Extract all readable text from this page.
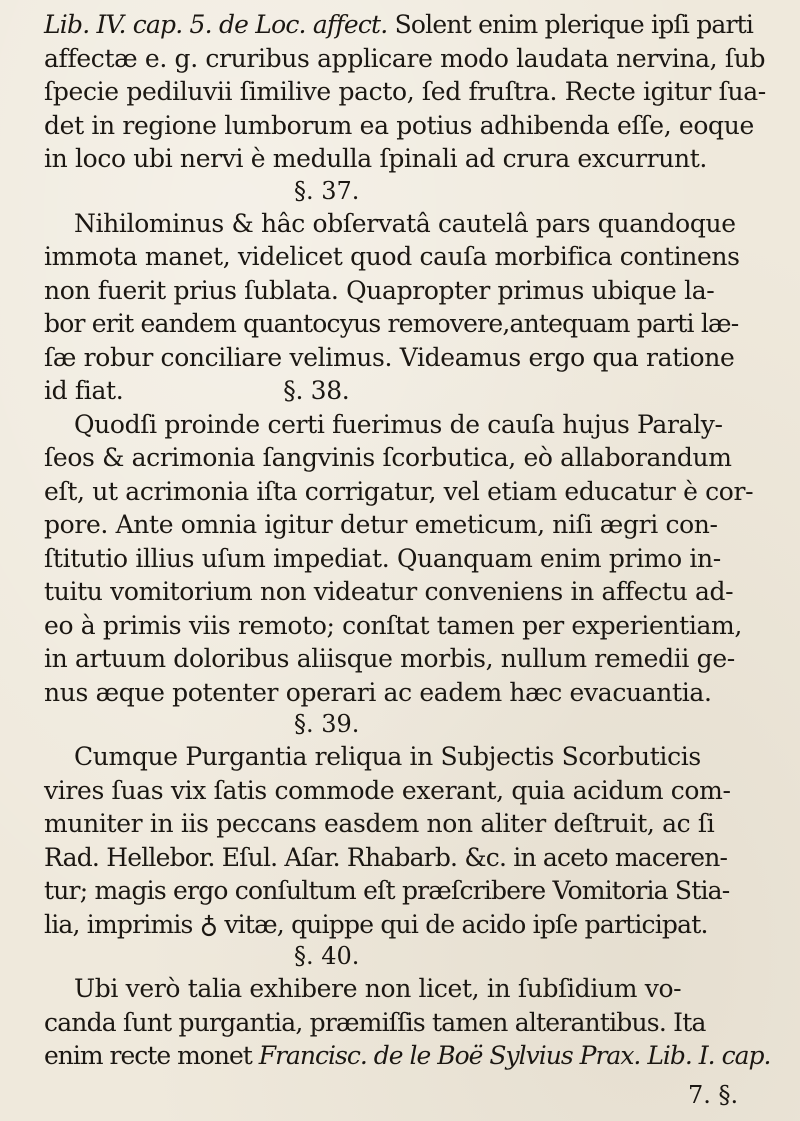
Lib. IV. cap. 5. de Loc. affect. Solent enim plerique ipſi parti
affectæ e. g. cruribus applicare modo laudata nervina, ſub
ſpecie pediluvii ſimilive pacto, ſed fruſtra. Recte igitur ſua-
det in regione lumborum ea potius adhibenda eſſe, eoque
in loco ubi nervi è medulla ſpinali ad crura excurrunt.
§. 37.
Nihilominus & hâc obſervatâ cautelâ pars quandoque
immota manet, videlicet quod cauſa morbifica continens
non fuerit prius ſublata. Quapropter primus ubique la-
bor erit eandem quantocyus removere,antequam parti læ-
ſæ robur conciliare velimus. Videamus ergo qua ratione
id fiat.	§. 38.
Quodſi proinde certi fuerimus de cauſa hujus Paraly-
ſeos & acrimonia ſangvinis ſcorbutica, eò allaborandum
eſt, ut acrimonia iſta corrigatur, vel etiam educatur è cor-
pore. Ante omnia igitur detur emeticum, niſi ægri con-
ſtitutio illius uſum impediat. Quanquam enim primo in-
tuitu vomitorium non videatur conveniens in affectu ad-
eo à primis viis remoto; conſtat tamen per experientiam,
in artuum doloribus aliisque morbis, nullum remedii ge-
nus æque potenter operari ac eadem hæc evacuantia.
§. 39.
Cumque Purgantia reliqua in Subjectis Scorbuticis
vires ſuas vix ſatis commode exerant, quia acidum com-
muniter in iis peccans easdem non aliter deſtruit, ac ſi
Rad. Hellebor. Eſul. Aſar. Rhabarb. &c. in aceto maceren-
tur; magis ergo conſultum eſt præſcribere Vomitoria Stia-
lia, imprimis ♁ vitæ, quippe qui de acido ipſe participat.
§. 40.
Ubi verò talia exhibere non licet, in ſubſidium vo-
canda ſunt purgantia, præmiſſis tamen alterantibus. Ita
enim recte monet Francisc. de le Boë Sylvius Prax. Lib. I. cap.
7. §.
